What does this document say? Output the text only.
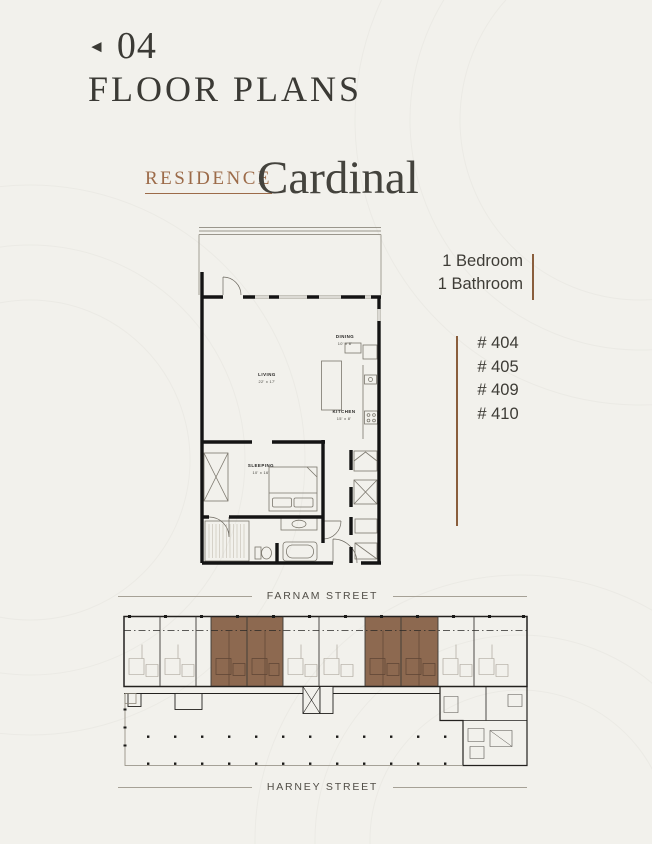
◄ 04
FLOOR PLANS
RESIDENCE
Cardinal
DINING
10' x 8'
LIVING
22' x 17'
KITCHEN
15' x 8'
SLEEPING
10' x 16'
1 Bedroom
1 Bathroom
# 404
# 405
# 409
# 410
FARNAM STREET
HARNEY STREET
